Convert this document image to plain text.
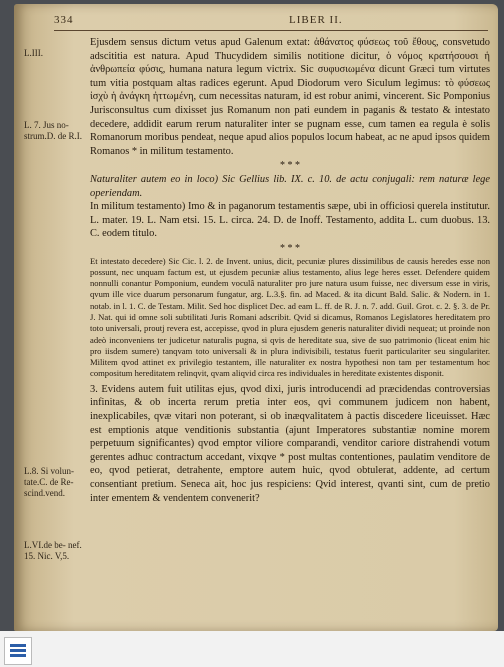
334	LIBER II.
L.III.
L. 7. Jus no- strum.D. de R.I.
L.8. Si volun- tate.C. de Re- scind.vend.
L.VI.de be- nef. 15. Nic. V,5.

Ejusdem sensus dictum vetus apud Galenum extat: ἀθάνατος φύσεως τοῦ ἔθους, consvetudo adscititia est natura. Apud Thucydidem similis notitione dicitur, ὁ νόμος κρατήσουσι ἡ ἀνθρωπεία φύσις, humana natura legum victrix. Sic συφυσιωμένα dicunt Græci tum virtutes tum vitia postquam altas radices egerunt. Apud Diodorum vero Siculum legimus: τὸ φύσεως ἰσχὺ ἡ ἀνάγκη ἠττωμένη, cum necessitas naturam, id est robur animi, vincerent. Sic Pomponius Jurisconsultus cum dixisset jus Romanum non pati eundem in paganis & testato & intestato decedere, addidit earum rerum naturaliter inter se pugnam esse, cum tamen ea regula è solis Romanorum moribus pendeat, neque apud alios populos locum habeat, ac ne apud ipsos quidem Romanos * in militum testamento.

* * *

Naturaliter autem eo in loco) Sic Gellius lib. IX. c. 10. de actu conjugali: rem naturæ lege operiendam.

In militum testamento) Imo & in paganorum testamentis sæpe, ubi in officiosi querela institutur. L. mater. 19. L. Nam etsi. 15. L. circa. 24. D. de Inoff. Testamento, addita L. cum duobus. 13. C. eodem titulo.

* * *

Et intestato decedere) Sic Cic. l. 2. de Invent. unius, dicit, pecuniæ plures dissimilibus de causis heredes esse non possunt, nec unquam factum est, ut ejusdem pecuniæ alius testamento, alius lege heres esset. Defendere quidem nonnulli conantur Pomponium, eundem voculâ naturaliter pro jure natura usum fuisse, nec diversum esse in viris, qvum ille vice duarum personarum fungatur, arg. L.3.§. fin. ad Maced. & ita dicunt Bald. Salic. & Nodern. in 1. notab. in l. 1. C. de Testam. Milit. Sed hoc displicet Dec. ad eam L. ff. de R. J. n. 7. add. Guil. Grot. c. 2. §. 3. de Pr. J. Nat. qui id omne soli subtilitati Juris Romani adscribit. Qvid si dicamus, Romanos Legislatores hereditatem pro toto universali, proutj revera est, accepisse, qvod in plura ejusdem generis naturaliter dividi nequeat; ut proinde non adeò inconveniens ter judicetur naturalis pugna, si qvis de hereditate sua, sive de suo patrimonio (liceat enim hic pro iisdem sumere) tanqvam toto universali & in plura indivisibili, testatus fuerit particulariter seu singulariter. Militem qvod attinet ex privilegio testantem, ille naturaliter ex nostra hypothesi non tam per testamentum hoc compositum hereditatem relinqvit, qvam aliqvid circa res individuales in hereditate existentes disponit.

3. Evidens autem fuit utilitas ejus, qvod dixi, juris introducendi ad præcidendas controversias infinitas, & ob incerta rerum pretia inter eos, qvi communem judicem non habent, inexplicabiles, qvæ vitari non poterant, si ob inæqvalitatem à pactis discedere liceuisset. Hæc est emptionis atque venditionis substantia (ajunt Imperatores substantiæ nomine morem perpetuum significantes) qvod emptor viliore comparandi, venditor cariore distrahendi votum gerentes adhuc contractum accedant, vixqve * post multas contentiones, paulatim venditore de eo, qvod petierat, detrahente, emptore autem huic, qvod obtulerat, addente, ad certum consentiant pretium. Seneca ait, hoc jus respiciens: Qvid interest, qvanti sint, cum de pretio inter ementem & vendentem convenerit?
